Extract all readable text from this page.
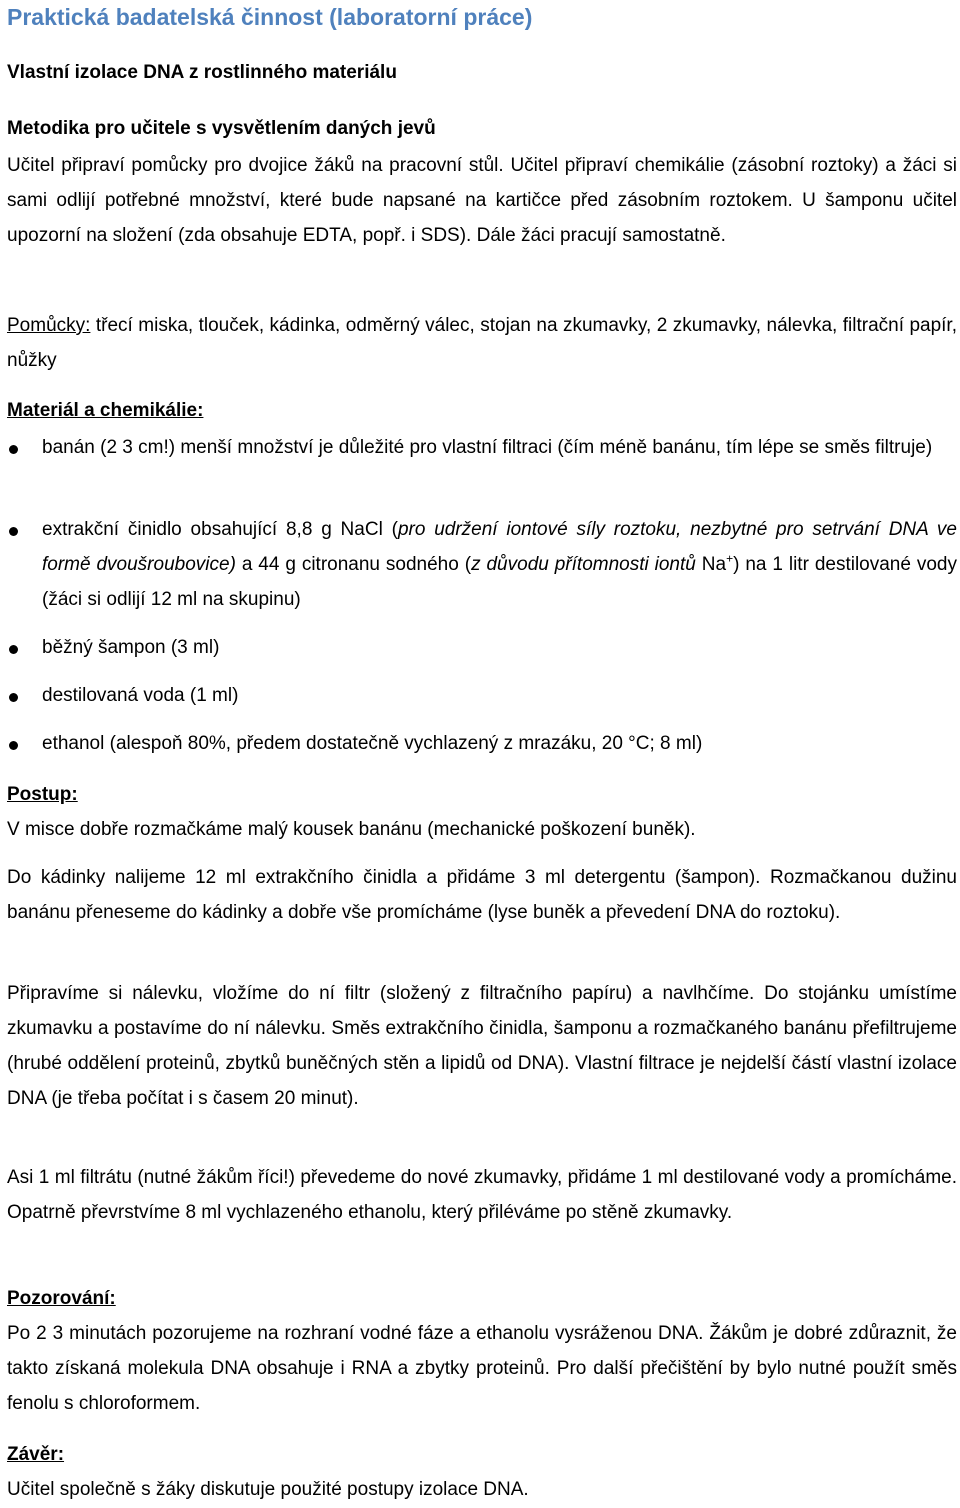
Praktická badatelská činnost (laboratorní práce)
Vlastní izolace DNA z rostlinného materiálu
Metodika pro učitele s vysvětlením daných jevů

Učitel připraví pomůcky pro dvojice žáků na pracovní stůl. Učitel připraví chemikálie (zásobní roztoky) a žáci si sami odlijí potřebné množství, které bude napsané na kartičce před zásobním roztokem. U šamponu učitel upozorní na složení (zda obsahuje EDTA, popř. i SDS). Dále žáci pracují samostatně.

Pomůcky: třecí miska, tlouček, kádinka, odměrný válec, stojan na zkumavky, 2 zkumavky, nálevka, filtrační papír, nůžky

Materiál a chemikálie:
banán (2 3 cm!) menší množství je důležité pro vlastní filtraci (čím méně banánu, tím lépe se směs filtruje)
extrakční činidlo obsahující 8,8 g NaCl (pro udržení iontové síly roztoku, nezbytné pro setrvání DNA ve formě dvoušroubovice) a 44 g citronanu sodného (z důvodu přítomnosti iontů Na+) na 1 litr destilované vody (žáci si odlijí 12 ml na skupinu)
běžný šampon (3 ml)
destilovaná voda (1 ml)
ethanol (alespoň 80%, předem dostatečně vychlazený z mrazáku, 20 °C; 8 ml)
Postup:

V misce dobře rozmačkáme malý kousek banánu (mechanické poškození buněk).

Do kádinky nalijeme 12 ml extrakčního činidla a přidáme 3 ml detergentu (šampon). Rozmačkanou dužinu banánu přeneseme do kádinky a dobře vše promícháme (lyse buněk a převedení DNA do roztoku).

Připravíme si nálevku, vložíme do ní filtr (složený z filtračního papíru) a navlhčíme. Do stojánku umístíme zkumavku a postavíme do ní nálevku. Směs extrakčního činidla, šamponu a rozmačkaného banánu přefiltrujeme (hrubé oddělení proteinů, zbytků buněčných stěn a lipidů od DNA). Vlastní filtrace je nejdelší částí vlastní izolace DNA (je třeba počítat i s časem 20 minut).

Asi 1 ml filtrátu (nutné žákům říci!) převedeme do nové zkumavky, přidáme 1 ml destilované vody a promícháme. Opatrně převrstvíme 8 ml vychlazeného ethanolu, který přiléváme po stěně zkumavky.

Pozorování:

Po 2 3 minutách pozorujeme na rozhraní vodné fáze a ethanolu vysráženou DNA. Žákům je dobré zdůraznit, že takto získaná molekula DNA obsahuje i RNA a zbytky proteinů. Pro další přečištění by bylo nutné použít směs fenolu s chloroformem.

Závěr:

Učitel společně s žáky diskutuje použité postupy izolace DNA.
